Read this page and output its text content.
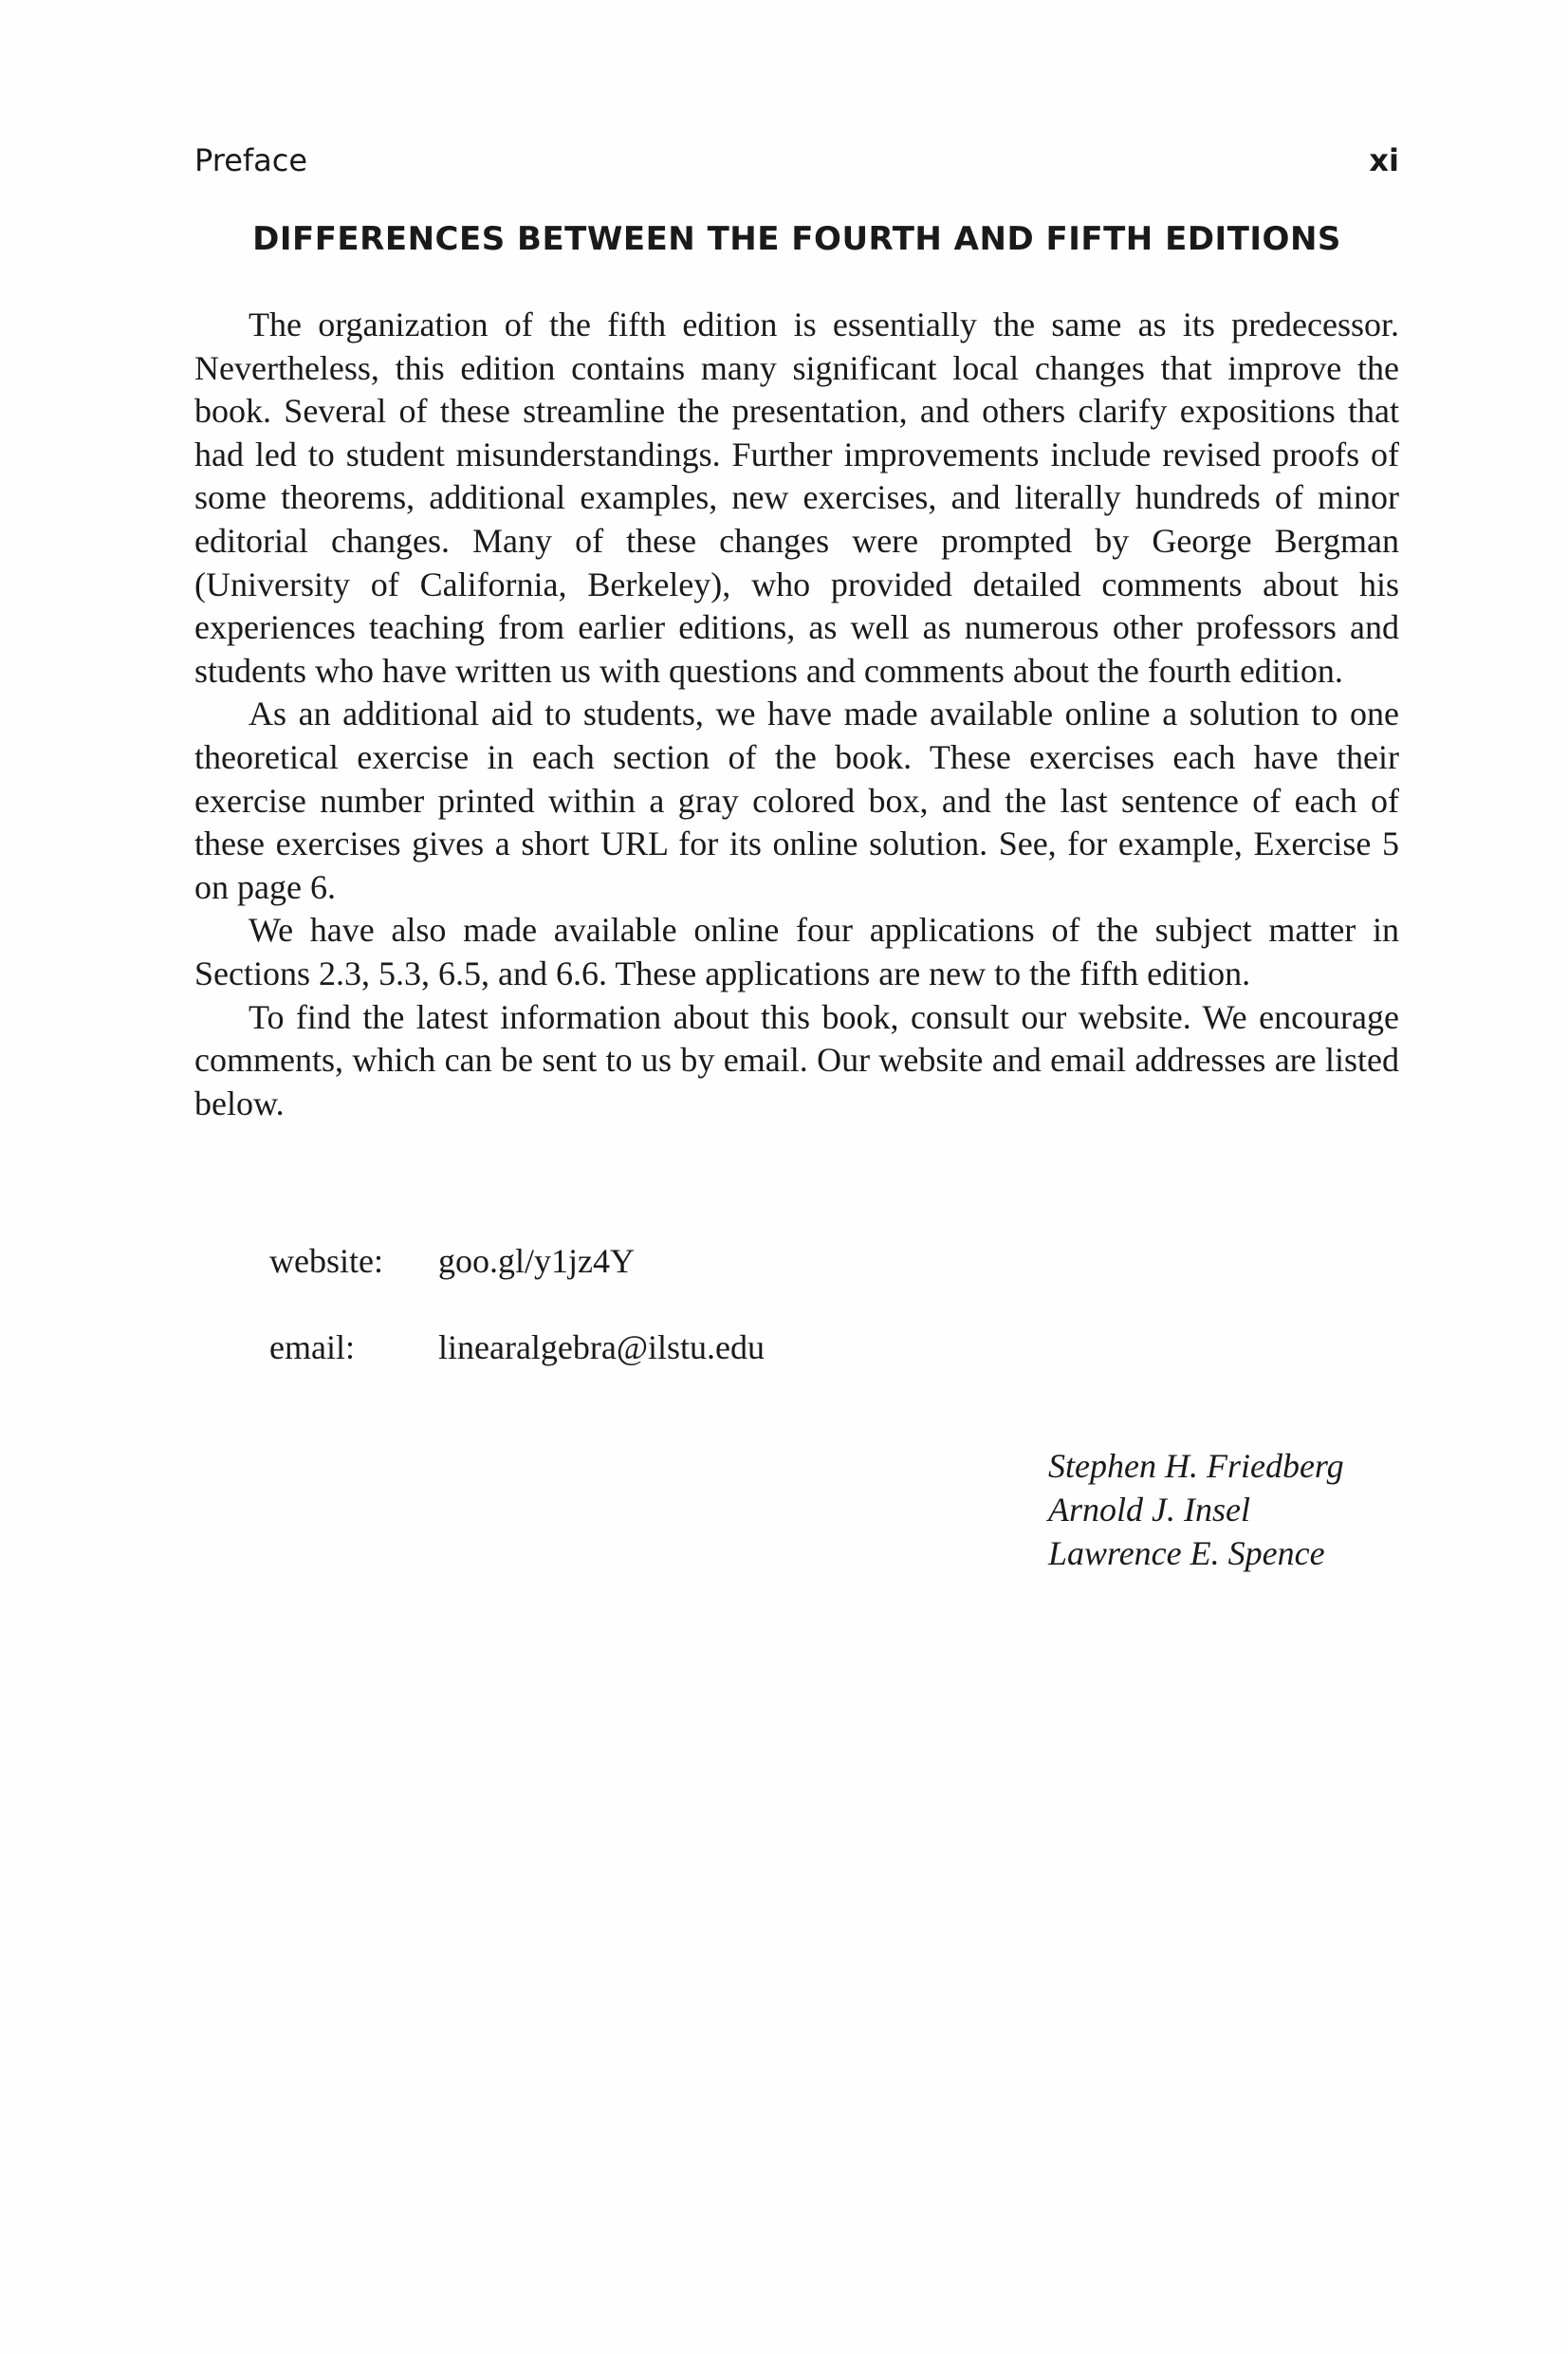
Preface	xi
DIFFERENCES BETWEEN THE FOURTH AND FIFTH EDITIONS

The organization of the fifth edition is essentially the same as its predecessor. Nevertheless, this edition contains many significant local changes that improve the book. Several of these streamline the presentation, and others clarify expositions that had led to student misunderstandings. Further improvements include revised proofs of some theorems, additional examples, new exercises, and literally hundreds of minor editorial changes. Many of these changes were prompted by George Bergman (University of California, Berkeley), who provided detailed comments about his experiences teaching from earlier editions, as well as numerous other professors and students who have written us with questions and comments about the fourth edition.

As an additional aid to students, we have made available online a solution to one theoretical exercise in each section of the book. These exercises each have their exercise number printed within a gray colored box, and the last sentence of each of these exercises gives a short URL for its online solution. See, for example, Exercise 5 on page 6.

We have also made available online four applications of the subject matter in Sections 2.3, 5.3, 6.5, and 6.6. These applications are new to the fifth edition.

To find the latest information about this book, consult our website. We encourage comments, which can be sent to us by email. Our website and email addresses are listed below.

website:	goo.gl/y1jz4Y
email:	linearalgebra@ilstu.edu
Stephen H. Friedberg
Arnold J. Insel
Lawrence E. Spence
